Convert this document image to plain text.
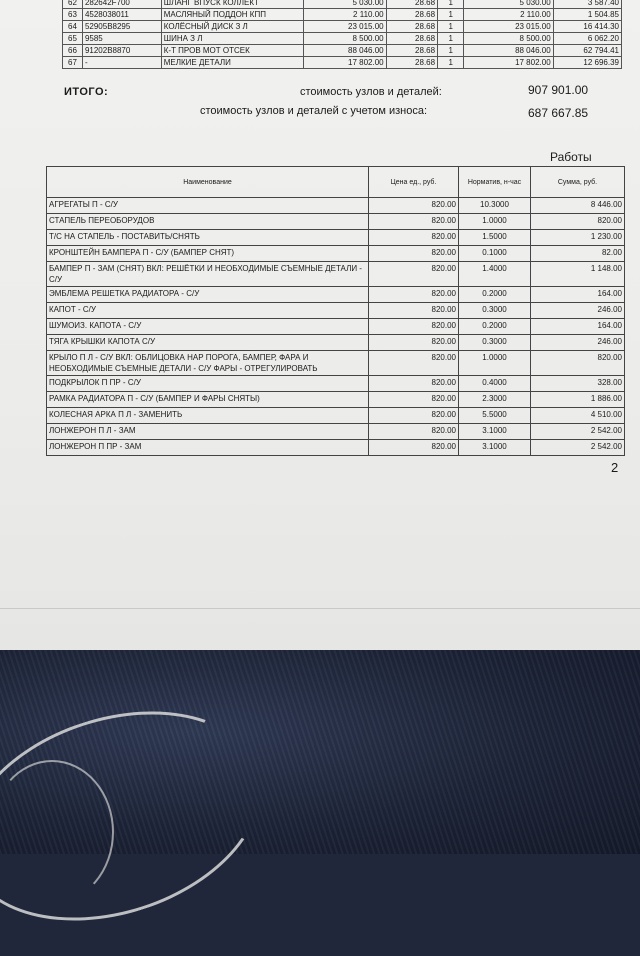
62	282642F700	ШЛАНГ ВПУСК КОЛЛЕКТ	5 030.00	28.68	1	5 030.00	3 587.40
63	4528038011	МАСЛЯНЫЙ ПОДДОН КПП	2 110.00	28.68	1	2 110.00	1 504.85
64	52905B8295	КОЛЁСНЫЙ ДИСК З Л	23 015.00	28.68	1	23 015.00	16 414.30
65	9585	ШИНА З Л	8 500.00	28.68	1	8 500.00	6 062.20
66	91202B8870	К-Т ПРОВ МОТ ОТСЕК	88 046.00	28.68	1	88 046.00	62 794.41
67	-	МЕЛКИЕ ДЕТАЛИ	17 802.00	28.68	1	17 802.00	12 696.39
ИТОГО:	стоимость узлов и деталей:	907 901.00
стоимость узлов и деталей с учетом износа:	687 667.85
Работы
Наименование	Цена ед., руб.	Норматив, н-час	Сумма, руб.
АГРЕГАТЫ П - С/У	820.00	10.3000	8 446.00
СТАПЕЛЬ ПЕРЕОБОРУДОВ	820.00	1.0000	820.00
Т/С НА СТАПЕЛЬ - ПОСТАВИТЬ/СНЯТЬ	820.00	1.5000	1 230.00
КРОНШТЕЙН БАМПЕРА П - С/У (БАМПЕР СНЯТ)	820.00	0.1000	82.00
БАМПЕР П - ЗАМ (СНЯТ) ВКЛ: РЕШЁТКИ И НЕОБХОДИМЫЕ СЪЕМНЫЕ ДЕТАЛИ - С/У	820.00	1.4000	1 148.00
ЭМБЛЕМА РЕШЕТКА РАДИАТОРА - С/У	820.00	0.2000	164.00
КАПОТ - С/У	820.00	0.3000	246.00
ШУМОИЗ. КАПОТА - С/У	820.00	0.2000	164.00
ТЯГА КРЫШКИ КАПОТА С/У	820.00	0.3000	246.00
КРЫЛО П Л - С/У ВКЛ: ОБЛИЦОВКА НАР ПОРОГА, БАМПЕР, ФАРА И НЕОБХОДИМЫЕ СЪЕМНЫЕ ДЕТАЛИ - С/У ФАРЫ - ОТРЕГУЛИРОВАТЬ	820.00	1.0000	820.00
ПОДКРЫЛОК П ПР - С/У	820.00	0.4000	328.00
РАМКА РАДИАТОРА П - С/У (БАМПЕР И ФАРЫ СНЯТЫ)	820.00	2.3000	1 886.00
КОЛЕСНАЯ АРКА П Л - ЗАМЕНИТЬ	820.00	5.5000	4 510.00
ЛОНЖЕРОН П Л - ЗАМ	820.00	3.1000	2 542.00
ЛОНЖЕРОН П ПР - ЗАМ	820.00	3.1000	2 542.00
2
